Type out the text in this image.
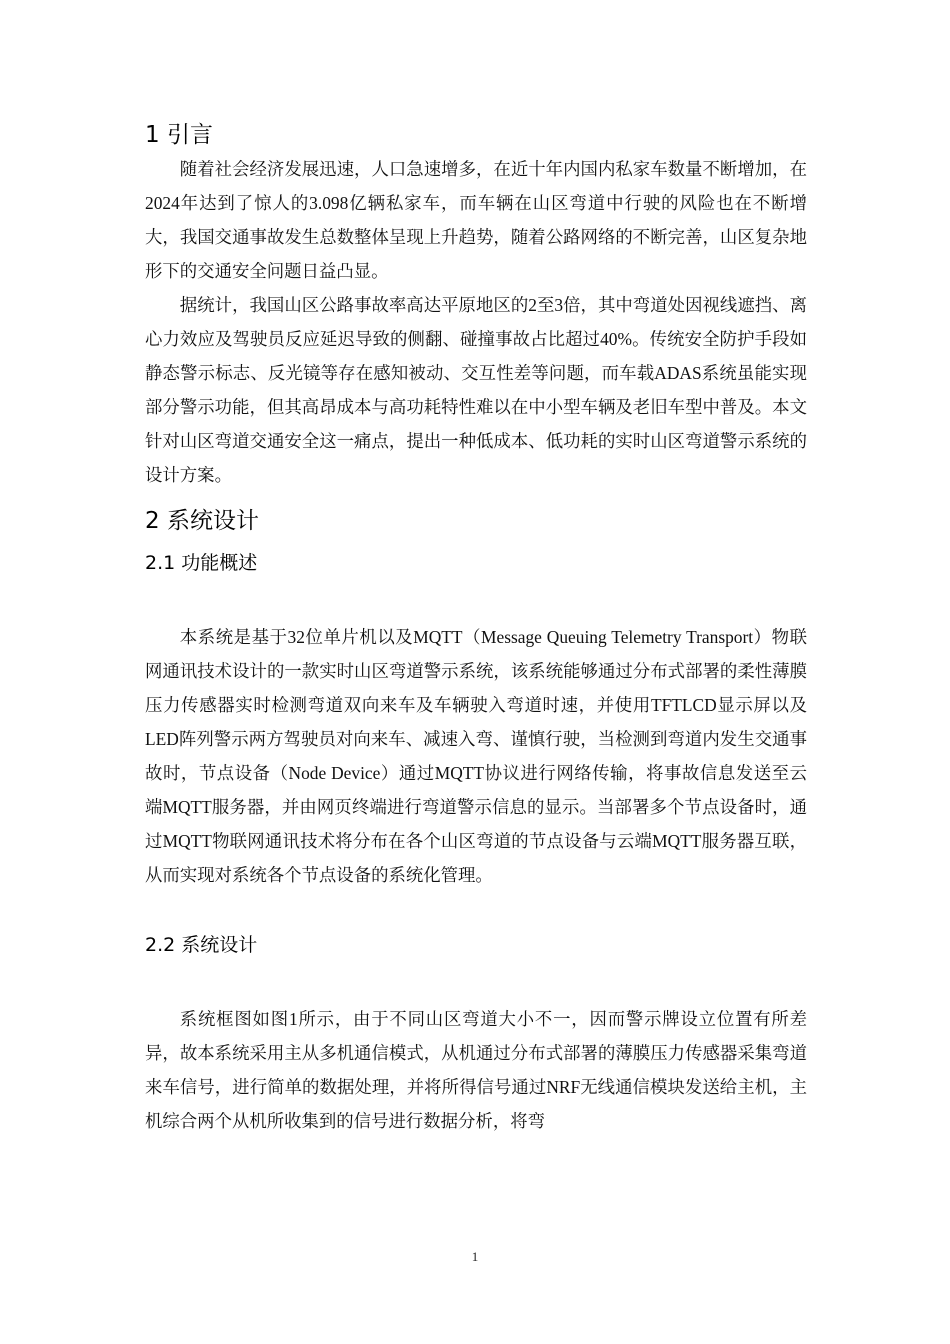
1 引言

随着社会经济发展迅速，人口急速增多，在近十年内国内私家车数量不断增加，在2024年达到了惊人的3.098亿辆私家车，而车辆在山区弯道中行驶的风险也在不断增大，我国交通事故发生总数整体呈现上升趋势，随着公路网络的不断完善，山区复杂地形下的交通安全问题日益凸显。

据统计，我国山区公路事故率高达平原地区的2至3倍，其中弯道处因视线遮挡、离心力效应及驾驶员反应延迟导致的侧翻、碰撞事故占比超过40%。传统安全防护手段如静态警示标志、反光镜等存在感知被动、交互性差等问题，而车载ADAS系统虽能实现部分警示功能，但其高昂成本与高功耗特性难以在中小型车辆及老旧车型中普及。本文针对山区弯道交通安全这一痛点，提出一种低成本、低功耗的实时山区弯道警示系统的设计方案。

2 系统设计
2.1 功能概述

本系统是基于32位单片机以及MQTT（Message Queuing Telemetry Transport）物联网通讯技术设计的一款实时山区弯道警示系统，该系统能够通过分布式部署的柔性薄膜压力传感器实时检测弯道双向来车及车辆驶入弯道时速，并使用TFTLCD显示屏以及LED阵列警示两方驾驶员对向来车、减速入弯、谨慎行驶，当检测到弯道内发生交通事故时，节点设备（Node Device）通过MQTT协议进行网络传输，将事故信息发送至云端MQTT服务器，并由网页终端进行弯道警示信息的显示。当部署多个节点设备时，通过MQTT物联网通讯技术将分布在各个山区弯道的节点设备与云端MQTT服务器互联，从而实现对系统各个节点设备的系统化管理。

2.2 系统设计

系统框图如图1所示，由于不同山区弯道大小不一，因而警示牌设立位置有所差异，故本系统采用主从多机通信模式，从机通过分布式部署的薄膜压力传感器采集弯道来车信号，进行简单的数据处理，并将所得信号通过NRF无线通信模块发送给主机，主机综合两个从机所收集到的信号进行数据分析，将弯

1
